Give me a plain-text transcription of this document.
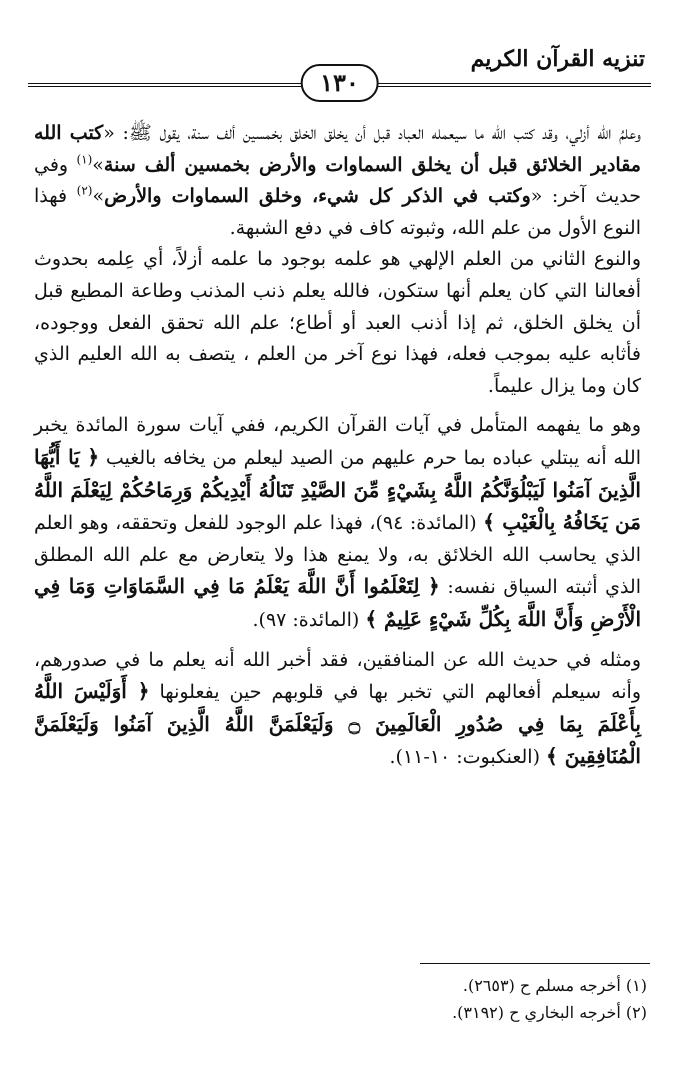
تنزيه القرآن الكريم
١٣٠

وعلمُ الله أزلي، وقد كتب الله ما سيعمله العباد قبل أن يخلق الخلق بخمسين ألف سنة، يقول ﷺ: «كتب الله مقادير الخلائق قبل أن يخلق السماوات والأرض بخمسين ألف سنة»$^{(١)}$ وفي حديث آخر: «وكتب في الذكر كل شيء، وخلق السماوات والأرض»$^{(٢)}$ فهذا النوع الأول من علم الله، وثبوته كاف في دفع الشبهة.

والنوع الثاني من العلم الإلهي هو علمه بوجود ما علمه أزلاً، أي عِلمه بحدوث أفعالنا التي كان يعلم أنها ستكون، فالله يعلم ذنب المذنب وطاعة المطيع قبل أن يخلق الخلق، ثم إذا أذنب العبد أو أطاع؛ علم الله تحقق الفعل ووجوده، فأثابه عليه بموجب فعله، فهذا نوع آخر من العلم ، يتصف به الله العليم الذي كان وما يزال عليماً.

وهو ما يفهمه المتأمل في آيات القرآن الكريم، ففي آيات سورة المائدة يخبر الله أنه يبتلي عباده بما حرم عليهم من الصيد ليعلم من يخافه بالغيب ﴿ يَا أَيُّهَا الَّذِينَ آمَنُوا لَيَبْلُوَنَّكُمُ اللَّهُ بِشَيْءٍ مِّنَ الصَّيْدِ تَنَالُهُ أَيْدِيكُمْ وَرِمَاحُكُمْ لِيَعْلَمَ اللَّهُ مَن يَخَافُهُ بِالْغَيْبِ ﴾ (المائدة: ٩٤)، فهذا علم الوجود للفعل وتحققه، وهو العلم الذي يحاسب الله الخلائق به، ولا يمنع هذا ولا يتعارض مع علم الله المطلق الذي أثبته السياق نفسه: ﴿ لِتَعْلَمُوا أَنَّ اللَّهَ يَعْلَمُ مَا فِي السَّمَاوَاتِ وَمَا فِي الْأَرْضِ وَأَنَّ اللَّهَ بِكُلِّ شَيْءٍ عَلِيمٌ ﴾ (المائدة: ٩٧).

ومثله في حديث الله عن المنافقين، فقد أخبر الله أنه يعلم ما في صدورهم، وأنه سيعلم أفعالهم التي تخبر بها في قلوبهم حين يفعلونها ﴿ أَوَلَيْسَ اللَّهُ بِأَعْلَمَ بِمَا فِي صُدُورِ الْعَالَمِينَ ۝ وَلَيَعْلَمَنَّ اللَّهُ الَّذِينَ آمَنُوا وَلَيَعْلَمَنَّ الْمُنَافِقِينَ ﴾ (العنكبوت: ١٠-١١).

(١) أخرجه مسلم ح (٢٦٥٣).
(٢) أخرجه البخاري ح (٣١٩٢).
